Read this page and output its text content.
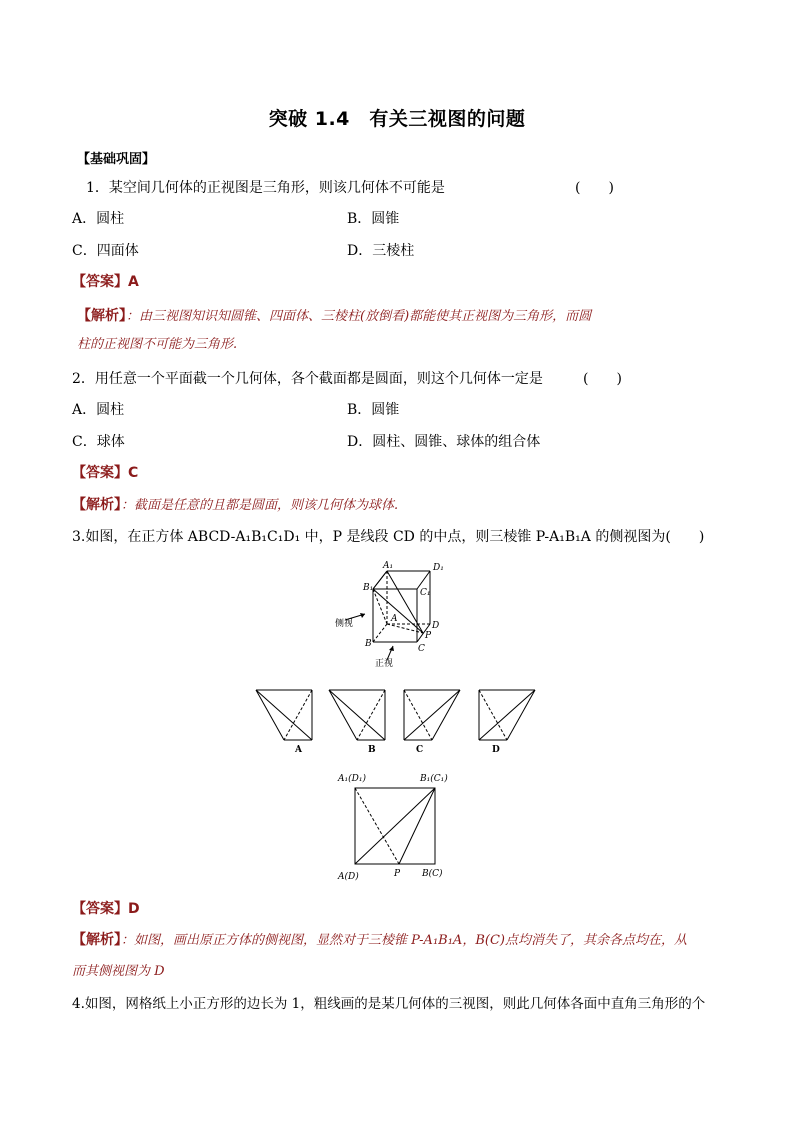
突破 1.4　有关三视图的问题
【基础巩固】
1．某空间几何体的正视图是三角形，则该几何体不可能是	(　　)
A．圆柱	B．圆锥
C．四面体	D．三棱柱
【答案】A
【解析】：由三视图知识知圆锥、四面体、三棱柱(放倒看)都能使其正视图为三角形，而圆
柱的正视图不可能为三角形.
2．用任意一个平面截一个几何体，各个截面都是圆面，则这个几何体一定是	(　　)
A．圆柱	B．圆锥
C．球体	D．圆柱、圆锥、球体的组合体
【答案】C
【解析】：截面是任意的且都是圆面，则该几何体为球体.
3.如图，在正方体 ABCD-A₁B₁C₁D₁ 中，P 是线段 CD 的中点，则三棱锥 P-A₁B₁A 的侧视图为(　　)
A₁	D₁
B₁	C₁
A
D
P
B	C
侧视
正视
A	B	C	D
A₁(D₁)	B₁(C₁)
A(D)	P B(C)
【答案】D
【解析】：如图，画出原正方体的侧视图，显然对于三棱锥 P-A₁B₁A，B(C)点均消失了，其余各点均在，从
而其侧视图为 D
4.如图，网格纸上小正方形的边长为 1，粗线画的是某几何体的三视图，则此几何体各面中直角三角形的个
